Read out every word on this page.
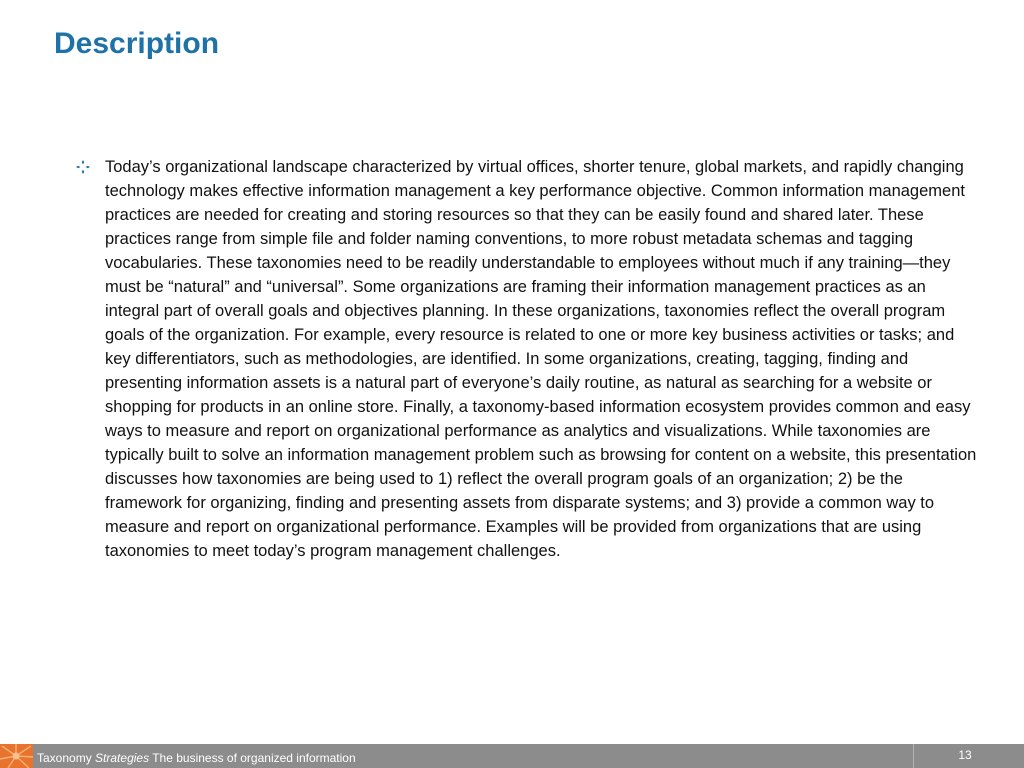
Description

Today’s organizational landscape characterized by virtual offices, shorter tenure, global markets, and rapidly changing technology makes effective information management a key performance objective. Common information management practices are needed for creating and storing resources so that they can be easily found and shared later. These practices range from simple file and folder naming conventions, to more robust metadata schemas and tagging vocabularies. These taxonomies need to be readily understandable to employees without much if any training—they must be “natural” and “universal”. Some organizations are framing their information management practices as an integral part of overall goals and objectives planning. In these organizations, taxonomies reflect the overall program goals of the organization. For example, every resource is related to one or more key business activities or tasks; and key differentiators, such as methodologies, are identified. In some organizations, creating, tagging, finding and presenting information assets is a natural part of everyone’s daily routine, as natural as searching for a website or shopping for products in an online store. Finally, a taxonomy-based information ecosystem provides common and easy ways to measure and report on organizational performance as analytics and visualizations. While taxonomies are typically built to solve an information management problem such as browsing for content on a website, this presentation discusses how taxonomies are being used to 1) reflect the overall program goals of an organization; 2) be the framework for organizing, finding and presenting assets from disparate systems; and 3) provide a common way to measure and report on organizational performance. Examples will be provided from organizations that are using taxonomies to meet today’s program management challenges.

Taxonomy Strategies The business of organized information	13
